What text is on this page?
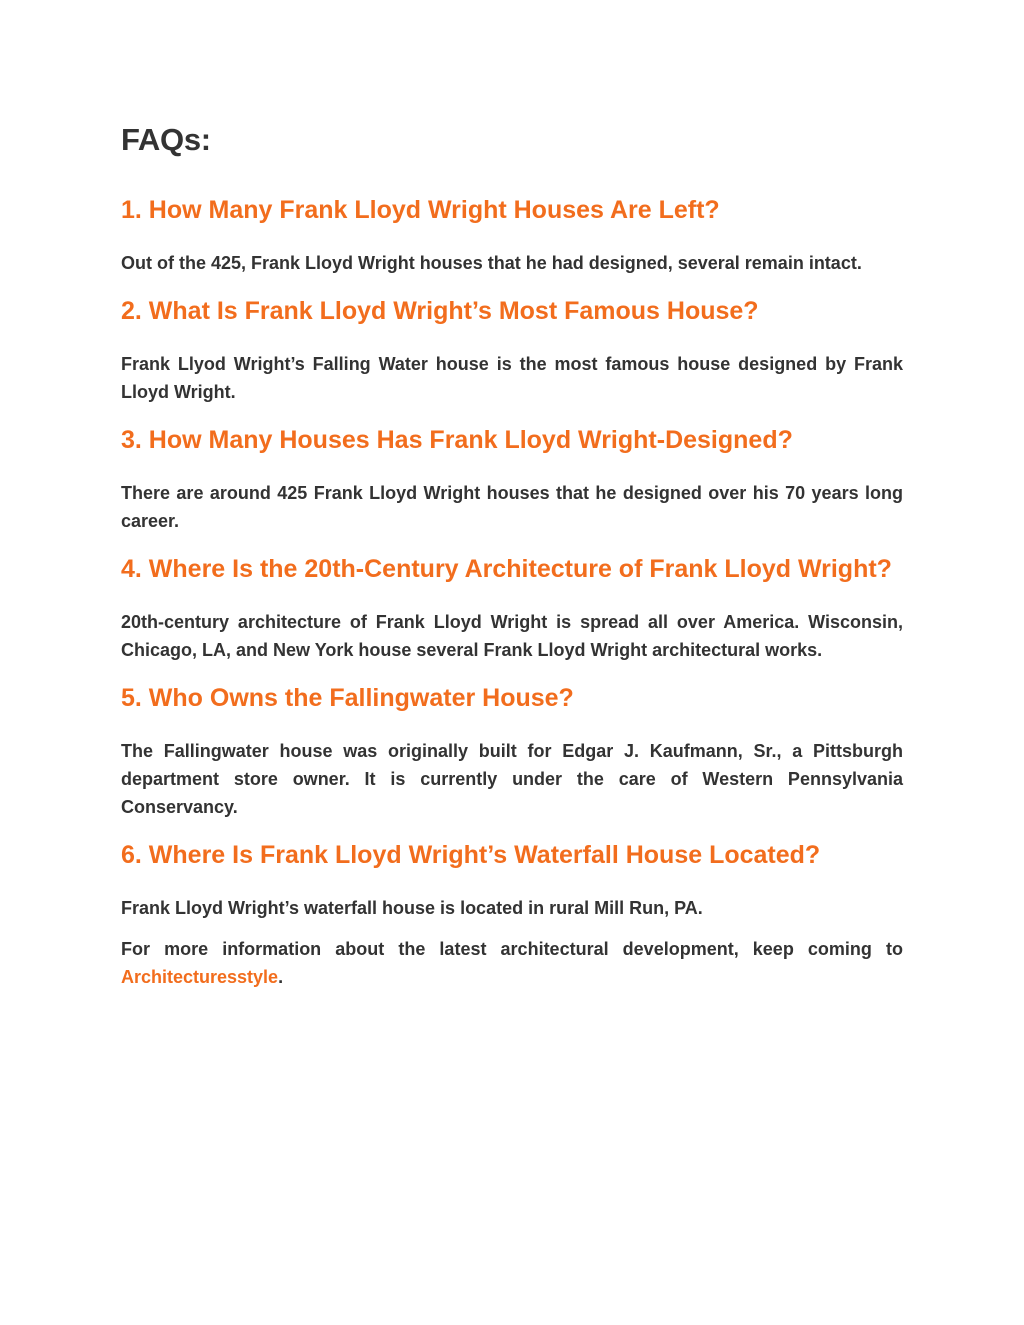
FAQs:
1. How Many Frank Lloyd Wright Houses Are Left?

Out of the 425, Frank Lloyd Wright houses that he had designed, several remain intact.

2. What Is Frank Lloyd Wright’s Most Famous House?

Frank Llyod Wright’s Falling Water house is the most famous house designed by Frank Lloyd Wright.

3. How Many Houses Has Frank Lloyd Wright-Designed?

There are around 425 Frank Lloyd Wright houses that he designed over his 70 years long career.

4. Where Is the 20th-Century Architecture of Frank Lloyd Wright?

20th-century architecture of Frank Lloyd Wright is spread all over America. Wisconsin, Chicago, LA, and New York house several Frank Lloyd Wright architectural works.

5. Who Owns the Fallingwater House?

The Fallingwater house was originally built for Edgar J. Kaufmann, Sr., a Pittsburgh department store owner. It is currently under the care of Western Pennsylvania Conservancy.

6. Where Is Frank Lloyd Wright’s Waterfall House Located?

Frank Lloyd Wright’s waterfall house is located in rural Mill Run, PA.

For more information about the latest architectural development, keep coming to Architecturesstyle.
